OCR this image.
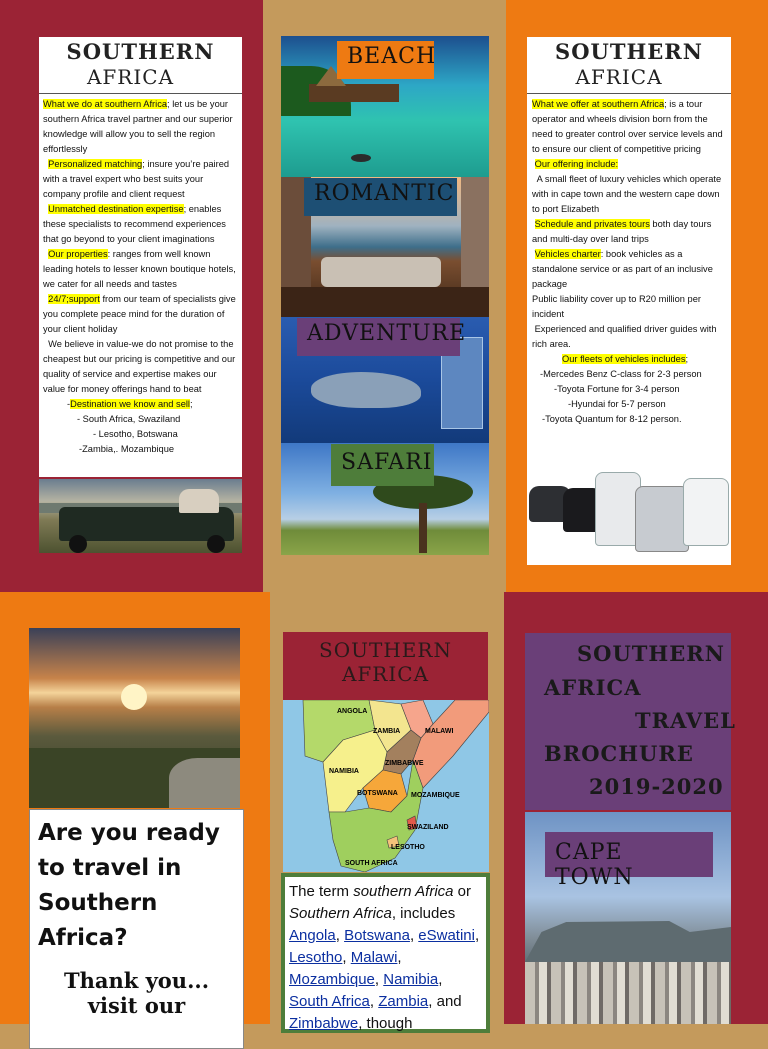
SOUTHERN
AFRICA

What we do at southern Africa; let us be your southern Africa travel partner and our superior knowledge will allow you to sell the region effortlessly

Personalized matching; insure you’re paired with a travel expert who best suits your company profile and client request

Unmatched destination expertise; enables these specialists to recommend experiences that go beyond to your client imaginations

Our properties: ranges from well known leading hotels to lesser known boutique hotels, we cater for all needs and tastes

24/7;support from our team of specialists give you complete peace mind for the duration of your client holiday

We believe in value-we do not promise to the cheapest but our pricing is competitive and our quality of service and expertise makes our value for money offerings hand to beat

-Destination we know and sell;

- South Africa, Swaziland

- Lesotho, Botswana

-Zambia,. Mozambique

BEACH
ROMANTIC
ADVENTURE
SAFARI
SOUTHERN
AFRICA

What we offer at southern Africa; is a tour operator and wheels division born from the need to greater control over service levels and to ensure our client of competitive pricing

Our offering include:

A small fleet of luxury vehicles which operate with in cape town and the western cape down to port Elizabeth

Schedule and privates tours both day tours and multi-day over land trips

Vehicles charter: book vehicles as a standalone service or as part of an inclusive package

Public liability cover up to R20 million per incident

Experienced and qualified driver guides with rich area.

Our fleets of vehicles includes;

-Mercedes Benz C-class for 2-3 person

-Toyota Fortune for 3-4 person

-Hyundai for 5-7 person

-Toyota Quantum for 8-12 person.

Are you ready to travel in Southern Africa?
Thank you...
visit our
SOUTHERN
AFRICA
ANGOLA
ZAMBIA	MALAWI
NAMIBIA
ZIMBABWE
BOTSWANA MOZAMBIQUE
SWAZILAND
LESOTHO
SOUTH AFRICA
The term southern Africa or Southern Africa, includes Angola, Botswana, eSwatini, Lesotho, Malawi, Mozambique, Namibia, South Africa, Zambia, and Zimbabwe, though
SOUTHERN
AFRICA
TRAVEL
BROCHURE
2019-2020
CAPE TOWN
